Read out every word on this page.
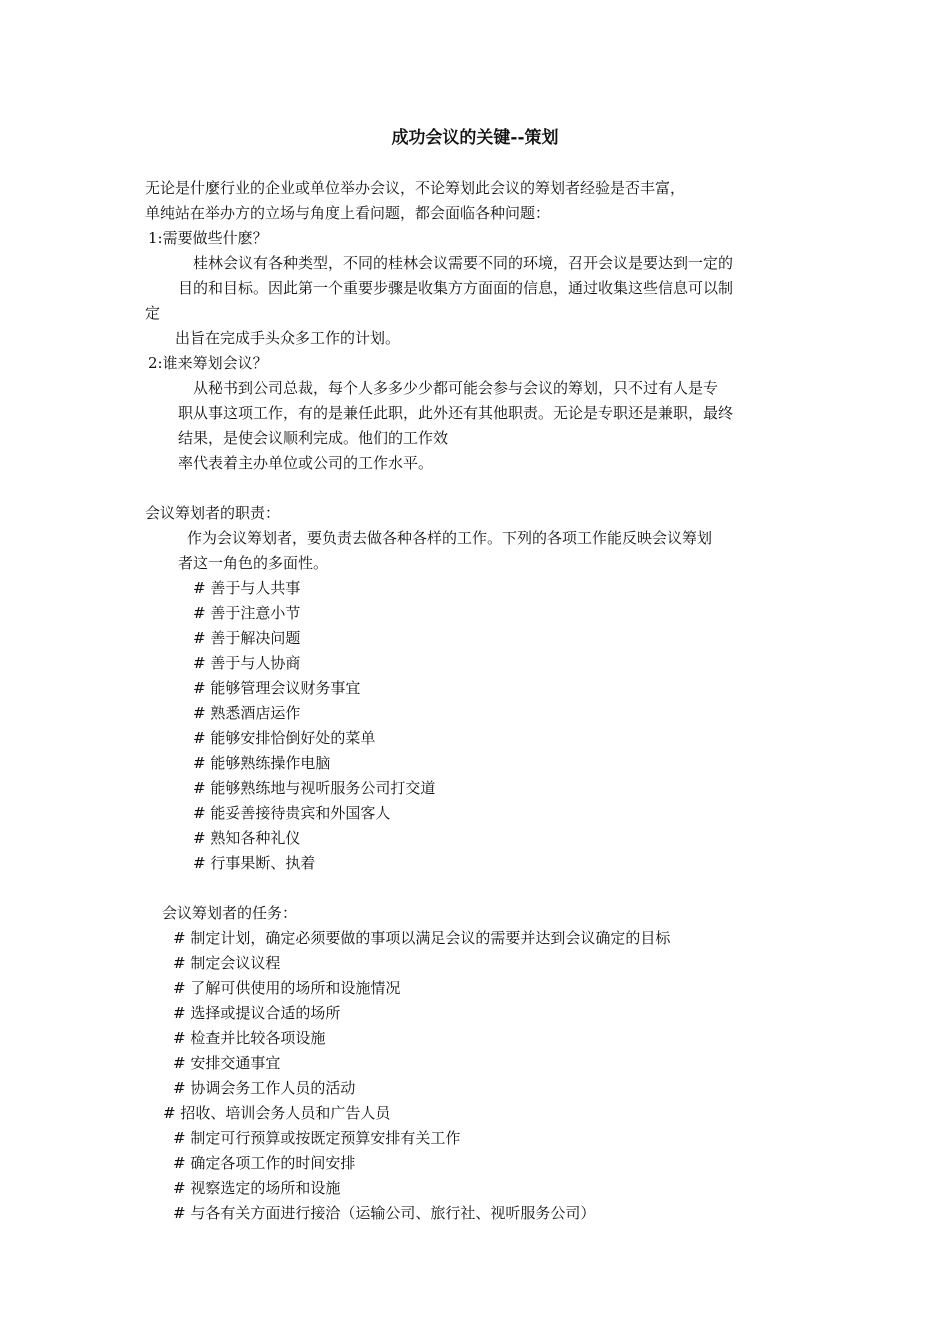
成功会议的关键--策划
无论是什麼行业的企业或单位举办会议，不论筹划此会议的筹划者经验是否丰富，
单纯站在举办方的立场与角度上看问题，都会面临各种问题：
1:需要做些什麽？
桂林会议有各种类型，不同的桂林会议需要不同的环境，召开会议是要达到一定的
目的和目标。因此第一个重要步骤是收集方方面面的信息，通过收集这些信息可以制
定
出旨在完成手头众多工作的计划。
2:谁来筹划会议？
从秘书到公司总裁，每个人多多少少都可能会参与会议的筹划，只不过有人是专
职从事这项工作，有的是兼任此职，此外还有其他职责。无论是专职还是兼职，最终
结果，是使会议顺利完成。他们的工作效
率代表着主办单位或公司的工作水平。
会议筹划者的职责：
作为会议筹划者，要负责去做各种各样的工作。下列的各项工作能反映会议筹划
者这一角色的多面性。
# 善于与人共事
# 善于注意小节
# 善于解决问题
# 善于与人协商
# 能够管理会议财务事宜
# 熟悉酒店运作
# 能够安排恰倒好处的菜单
# 能够熟练操作电脑
# 能够熟练地与视听服务公司打交道
# 能妥善接待贵宾和外国客人
# 熟知各种礼仪
# 行事果断、执着
会议筹划者的任务：
# 制定计划，确定必须要做的事项以满足会议的需要并达到会议确定的目标
# 制定会议议程
# 了解可供使用的场所和设施情况
# 选择或提议合适的场所
# 检查并比较各项设施
# 安排交通事宜
# 协调会务工作人员的活动
# 招收、培训会务人员和广告人员
# 制定可行预算或按既定预算安排有关工作
# 确定各项工作的时间安排
# 视察选定的场所和设施
# 与各有关方面进行接洽（运输公司、旅行社、视听服务公司）
